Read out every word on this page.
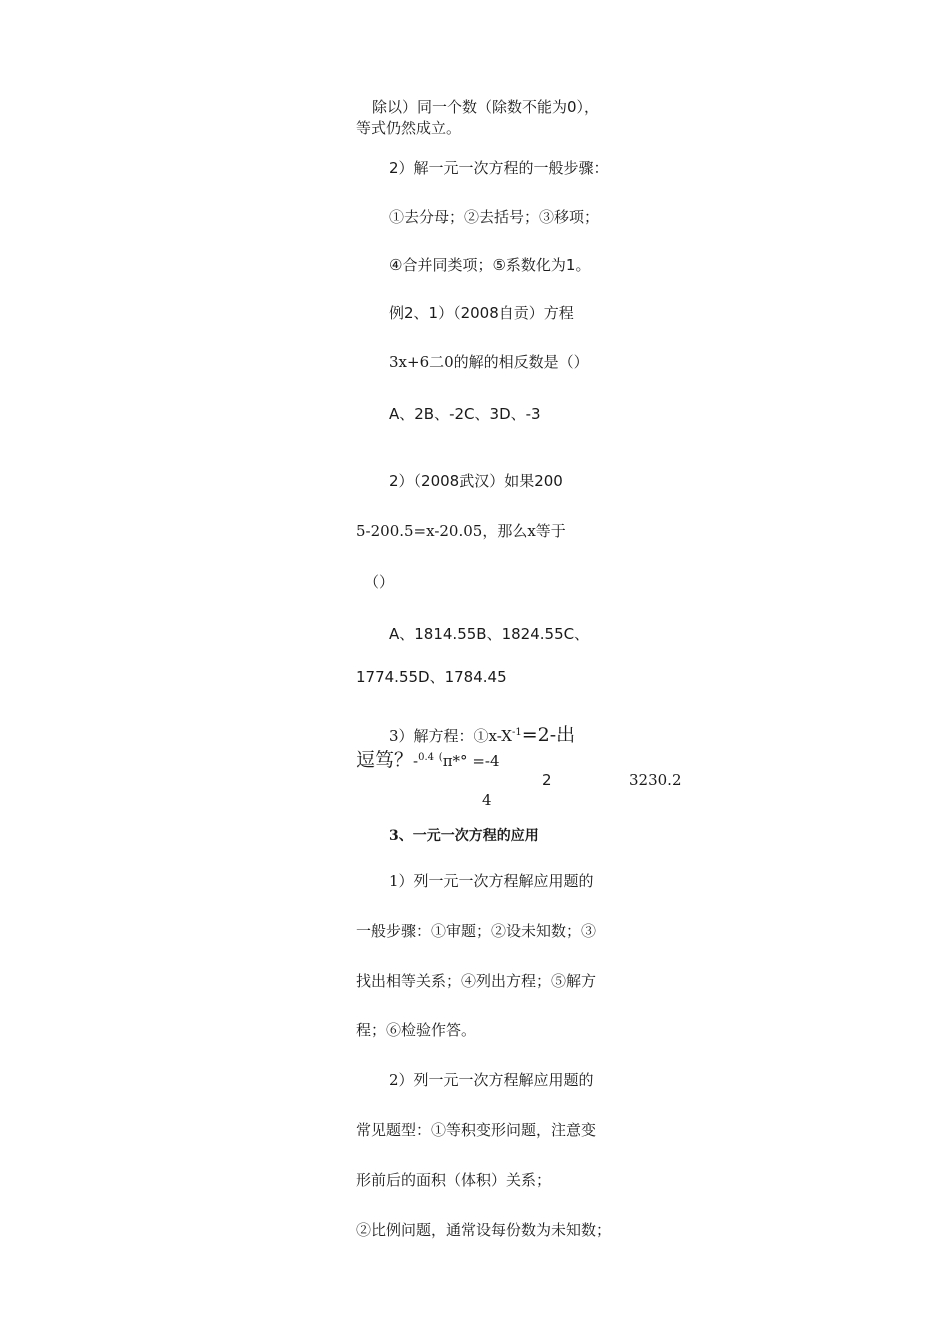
除以）同一个数（除数不能为0），
等式仍然成立。
2）解一元一次方程的一般步骤：
①去分母；②去括号；③移项；
④合并同类项；⑤系数化为1。
例2、1）（2008自贡）方程
3x+6二0的解的相反数是（）
A、2B、-2C、3D、-3
2）（2008武汉）如果200
5-200.5=x-20.05，那么x等于
（）
A、1814.55B、1824.55C、
1774.55D、1784.45
3）解方程：$①x-X^{-1}=2-$出
逗笃？-$^{0.4}$ (π*° =-4
2	3230.2
4
3、一元一次方程的应用
1）列一元一次方程解应用题的
一般步骤：①审题；②设未知数；③
找出相等关系；④列出方程；⑤解方
程；⑥检验作答。
2）列一元一次方程解应用题的
常见题型：①等积变形问题，注意变
形前后的面积（体积）关系；
②比例问题，通常设每份数为未知数；
